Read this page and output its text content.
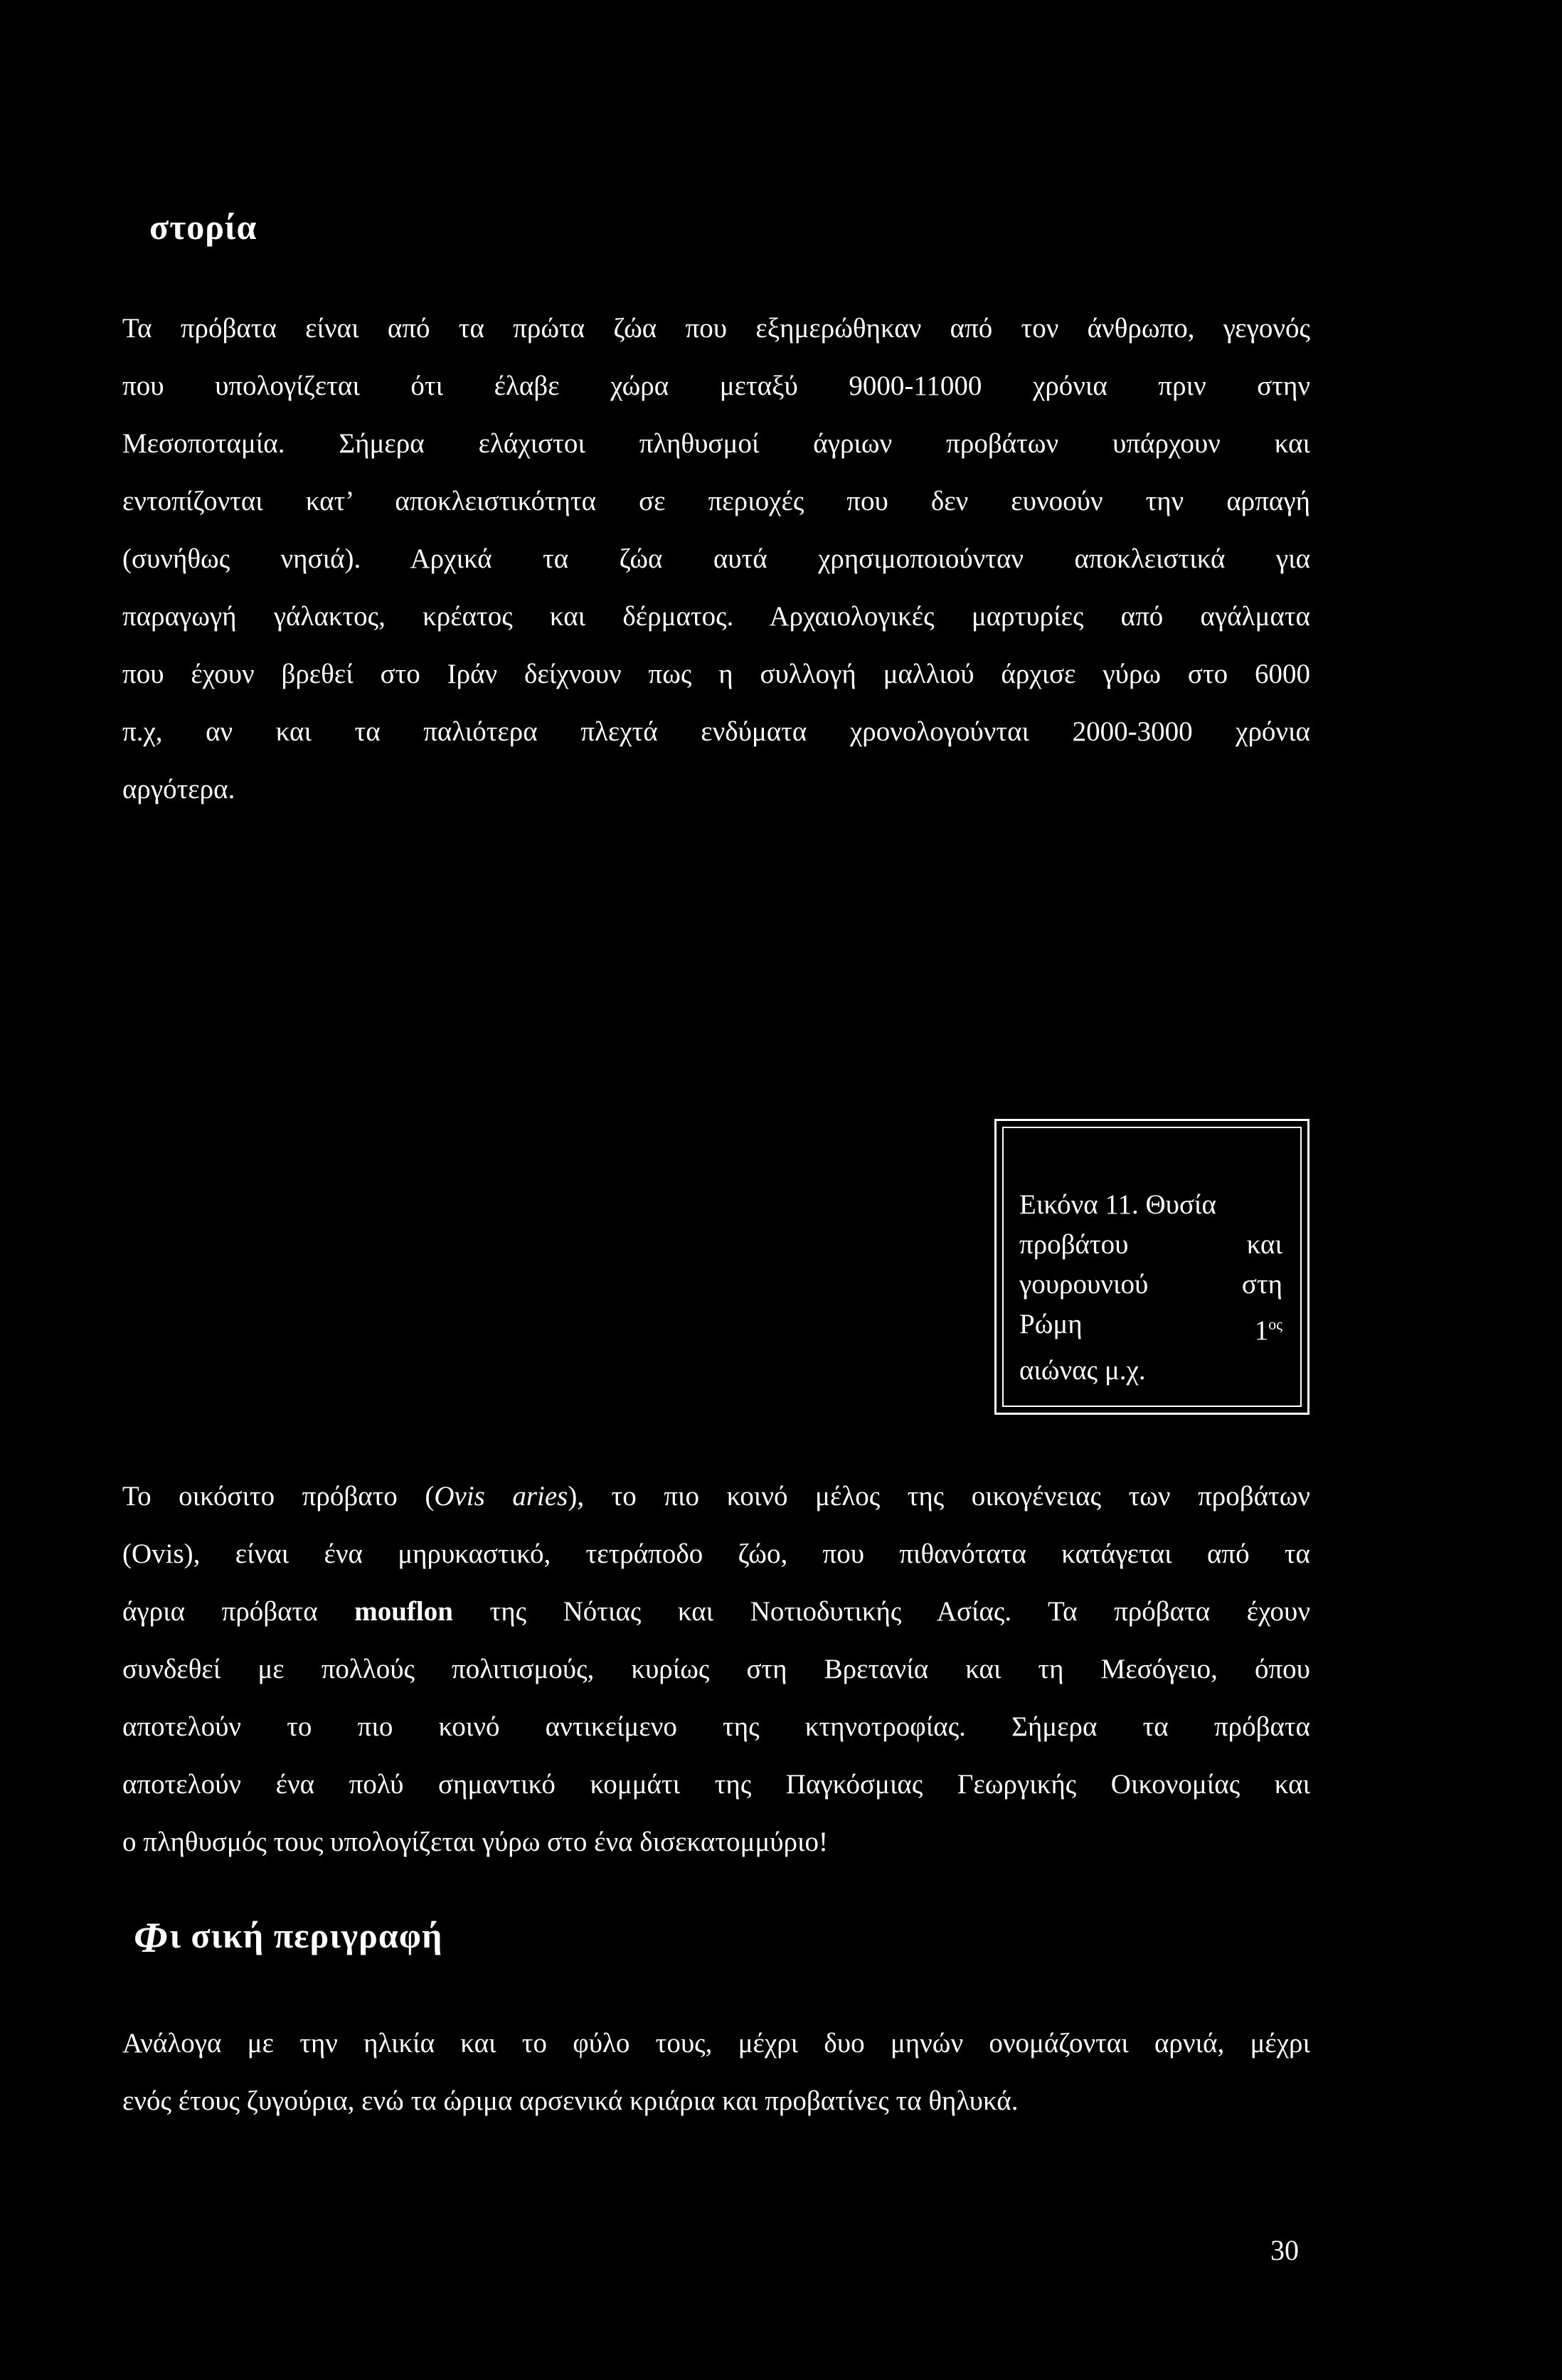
στορία

Τα πρόβατα είναι από τα πρώτα ζώα που εξημερώθηκαν από τον άνθρωπο, γεγονός
που υπολογίζεται ότι έλαβε χώρα μεταξύ 9000-11000 χρόνια πριν στην
Μεσοποταμία. Σήμερα ελάχιστοι πληθυσμοί άγριων προβάτων υπάρχουν και
εντοπίζονται κατ’ αποκλειστικότητα σε περιοχές που δεν ευνοούν την αρπαγή
(συνήθως νησιά). Αρχικά τα ζώα αυτά χρησιμοποιούνταν αποκλειστικά για
παραγωγή γάλακτος, κρέατος και δέρματος. Αρχαιολογικές μαρτυρίες από αγάλματα
που έχουν βρεθεί στο Ιράν δείχνουν πως η συλλογή μαλλιού άρχισε γύρω στο 6000
π.χ, αν και τα παλιότερα πλεχτά ενδύματα χρονολογούνται 2000-3000 χρόνια
αργότερα.

Εικόνα 11. Θυσία
προβάτου	και
γουρουνιού	στη
Ρώμη	$1^{o\varsigma}$
αιώνας μ.χ.

Το οικόσιτο πρόβατο (Ovis aries), το πιο κοινό μέλος της οικογένειας των προβάτων
(Ovis), είναι ένα μηρυκαστικό, τετράποδο ζώο, που πιθανότατα κατάγεται από τα
άγρια πρόβατα mouflon της Νότιας και Νοτιοδυτικής Ασίας. Τα πρόβατα έχουν
συνδεθεί με πολλούς πολιτισμούς, κυρίως στη Βρετανία και τη Μεσόγειο, όπου
αποτελούν το πιο κοινό αντικείμενο της κτηνοτροφίας. Σήμερα τα πρόβατα
αποτελούν ένα πολύ σημαντικό κομμάτι της Παγκόσμιας Γεωργικής Οικονομίας και
ο πληθυσμός τους υπολογίζεται γύρω στο ένα δισεκατομμύριο!

Φι σική περιγραφή

Ανάλογα με την ηλικία και το φύλο τους, μέχρι δυο μηνών ονομάζονται αρνιά, μέχρι
ενός έτους ζυγούρια, ενώ τα ώριμα αρσενικά κριάρια και προβατίνες τα θηλυκά.

30
